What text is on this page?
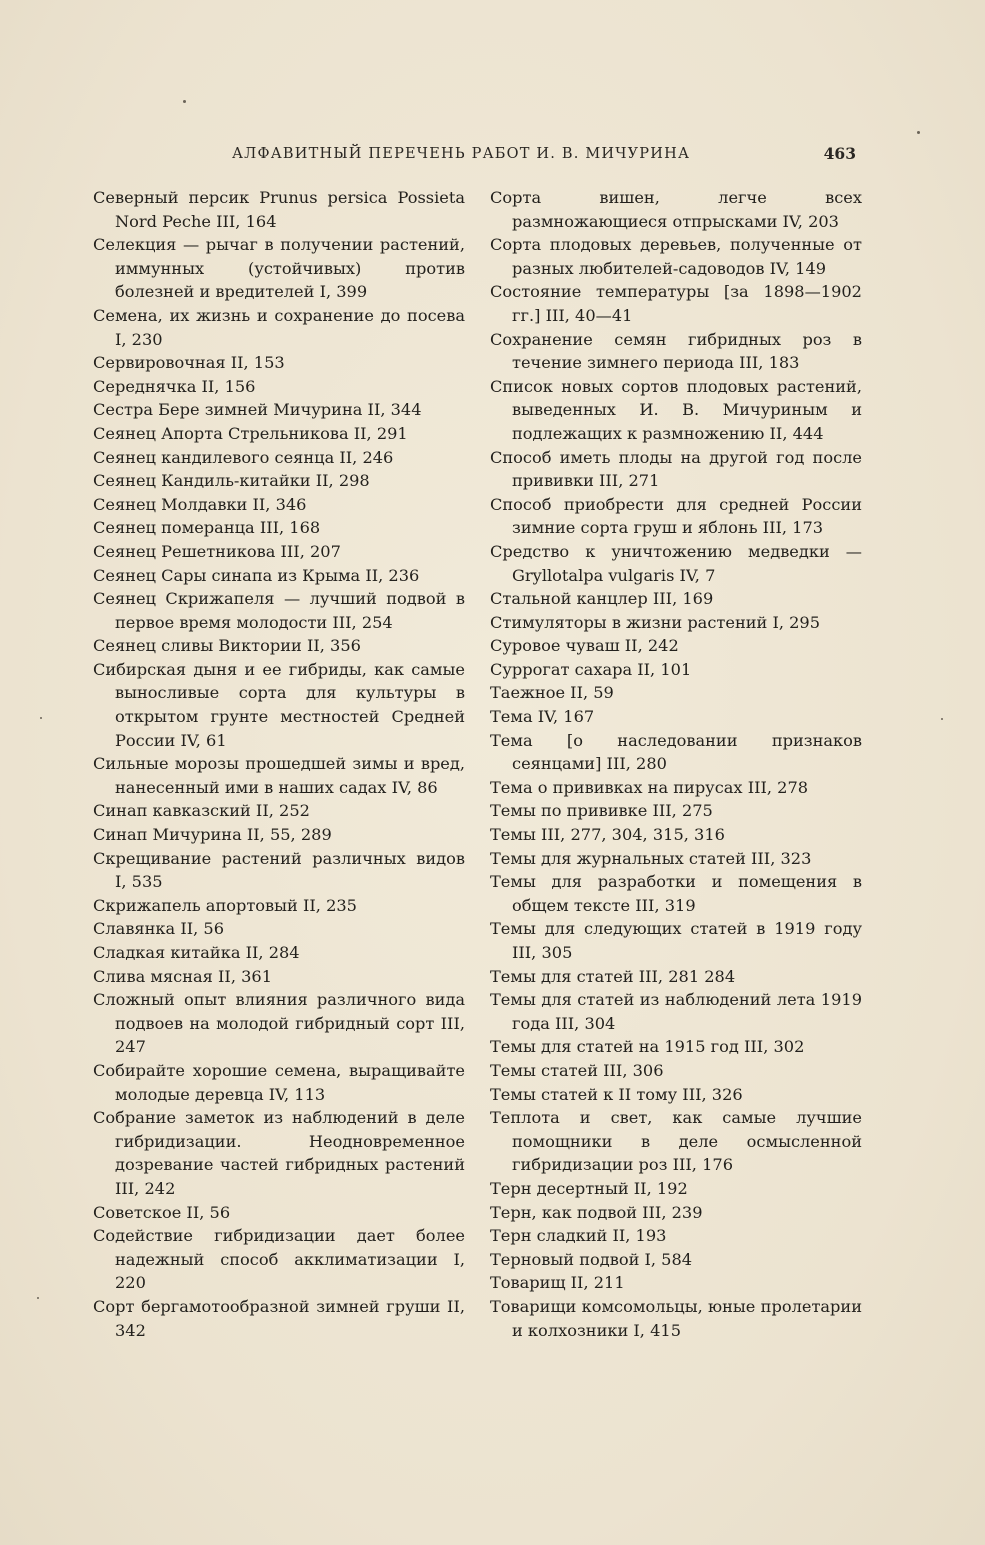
АЛФАВИТНЫЙ ПЕРЕЧЕНЬ РАБОТ И. В. МИЧУРИНА	463

Северный персик Prunus persica Possieta Nord Peche III, 164

Селекция — рычаг в получении растений, иммунных (устойчивых) против болезней и вредителей I, 399

Семена, их жизнь и сохранение до посева I, 230

Сервировочная II, 153

Середнячка II, 156

Сестра Бере зимней Мичурина II, 344

Сеянец Апорта Стрельникова II, 291

Сеянец кандилевого сеянца II, 246

Сеянец Кандиль-китайки II, 298

Сеянец Молдавки II, 346

Сеянец померанца III, 168

Сеянец Решетникова III, 207

Сеянец Сары синапа из Крыма II, 236

Сеянец Скрижапеля — лучший подвой в первое время молодости III, 254

Сеянец сливы Виктории II, 356

Сибирская дыня и ее гибриды, как самые выносливые сорта для культуры в открытом грунте местностей Средней России IV, 61

Сильные морозы прошедшей зимы и вред, нанесенный ими в наших садах IV, 86

Синап кавказский II, 252

Синап Мичурина II, 55, 289

Скрещивание растений различных видов I, 535

Скрижапель апортовый II, 235

Славянка II, 56

Сладкая китайка II, 284

Слива мясная II, 361

Сложный опыт влияния различного вида подвоев на молодой гибридный сорт III, 247

Собирайте хорошие семена, выращивайте молодые деревца IV, 113

Собрание заметок из наблюдений в деле гибридизации. Неодновременное дозревание частей гибридных растений III, 242

Советское II, 56

Содействие гибридизации дает более надежный способ акклиматизации I, 220

Сорт бергамотообразной зимней груши II, 342

Сорта вишен, легче всех размножающиеся отпрысками IV, 203

Сорта плодовых деревьев, полученные от разных любителей-садоводов IV, 149

Состояние температуры [за 1898—1902 гг.] III, 40—41

Сохранение семян гибридных роз в течение зимнего периода III, 183

Список новых сортов плодовых растений, выведенных И. В. Мичуриным и подлежащих к размножению II, 444

Способ иметь плоды на другой год после прививки III, 271

Способ приобрести для средней России зимние сорта груш и яблонь III, 173

Средство к уничтожению медведки — Gryllotalpa vulgaris IV, 7

Стальной канцлер III, 169

Стимуляторы в жизни растений I, 295

Суровое чуваш II, 242

Суррогат сахара II, 101

Таежное II, 59

Тема IV, 167

Тема [о наследовании признаков сеянцами] III, 280

Тема о прививках на пирусах III, 278

Темы по прививке III, 275

Темы III, 277, 304, 315, 316

Темы для журнальных статей III, 323

Темы для разработки и помещения в общем тексте III, 319

Темы для следующих статей в 1919 году III, 305

Темы для статей III, 281 284

Темы для статей из наблюдений лета 1919 года III, 304

Темы для статей на 1915 год III, 302

Темы статей III, 306

Темы статей к II тому III, 326

Теплота и свет, как самые лучшие помощники в деле осмысленной гибридизации роз III, 176

Терн десертный II, 192

Терн, как подвой III, 239

Терн сладкий II, 193

Терновый подвой I, 584

Товарищ II, 211

Товарищи комсомольцы, юные пролетарии и колхозники I, 415
